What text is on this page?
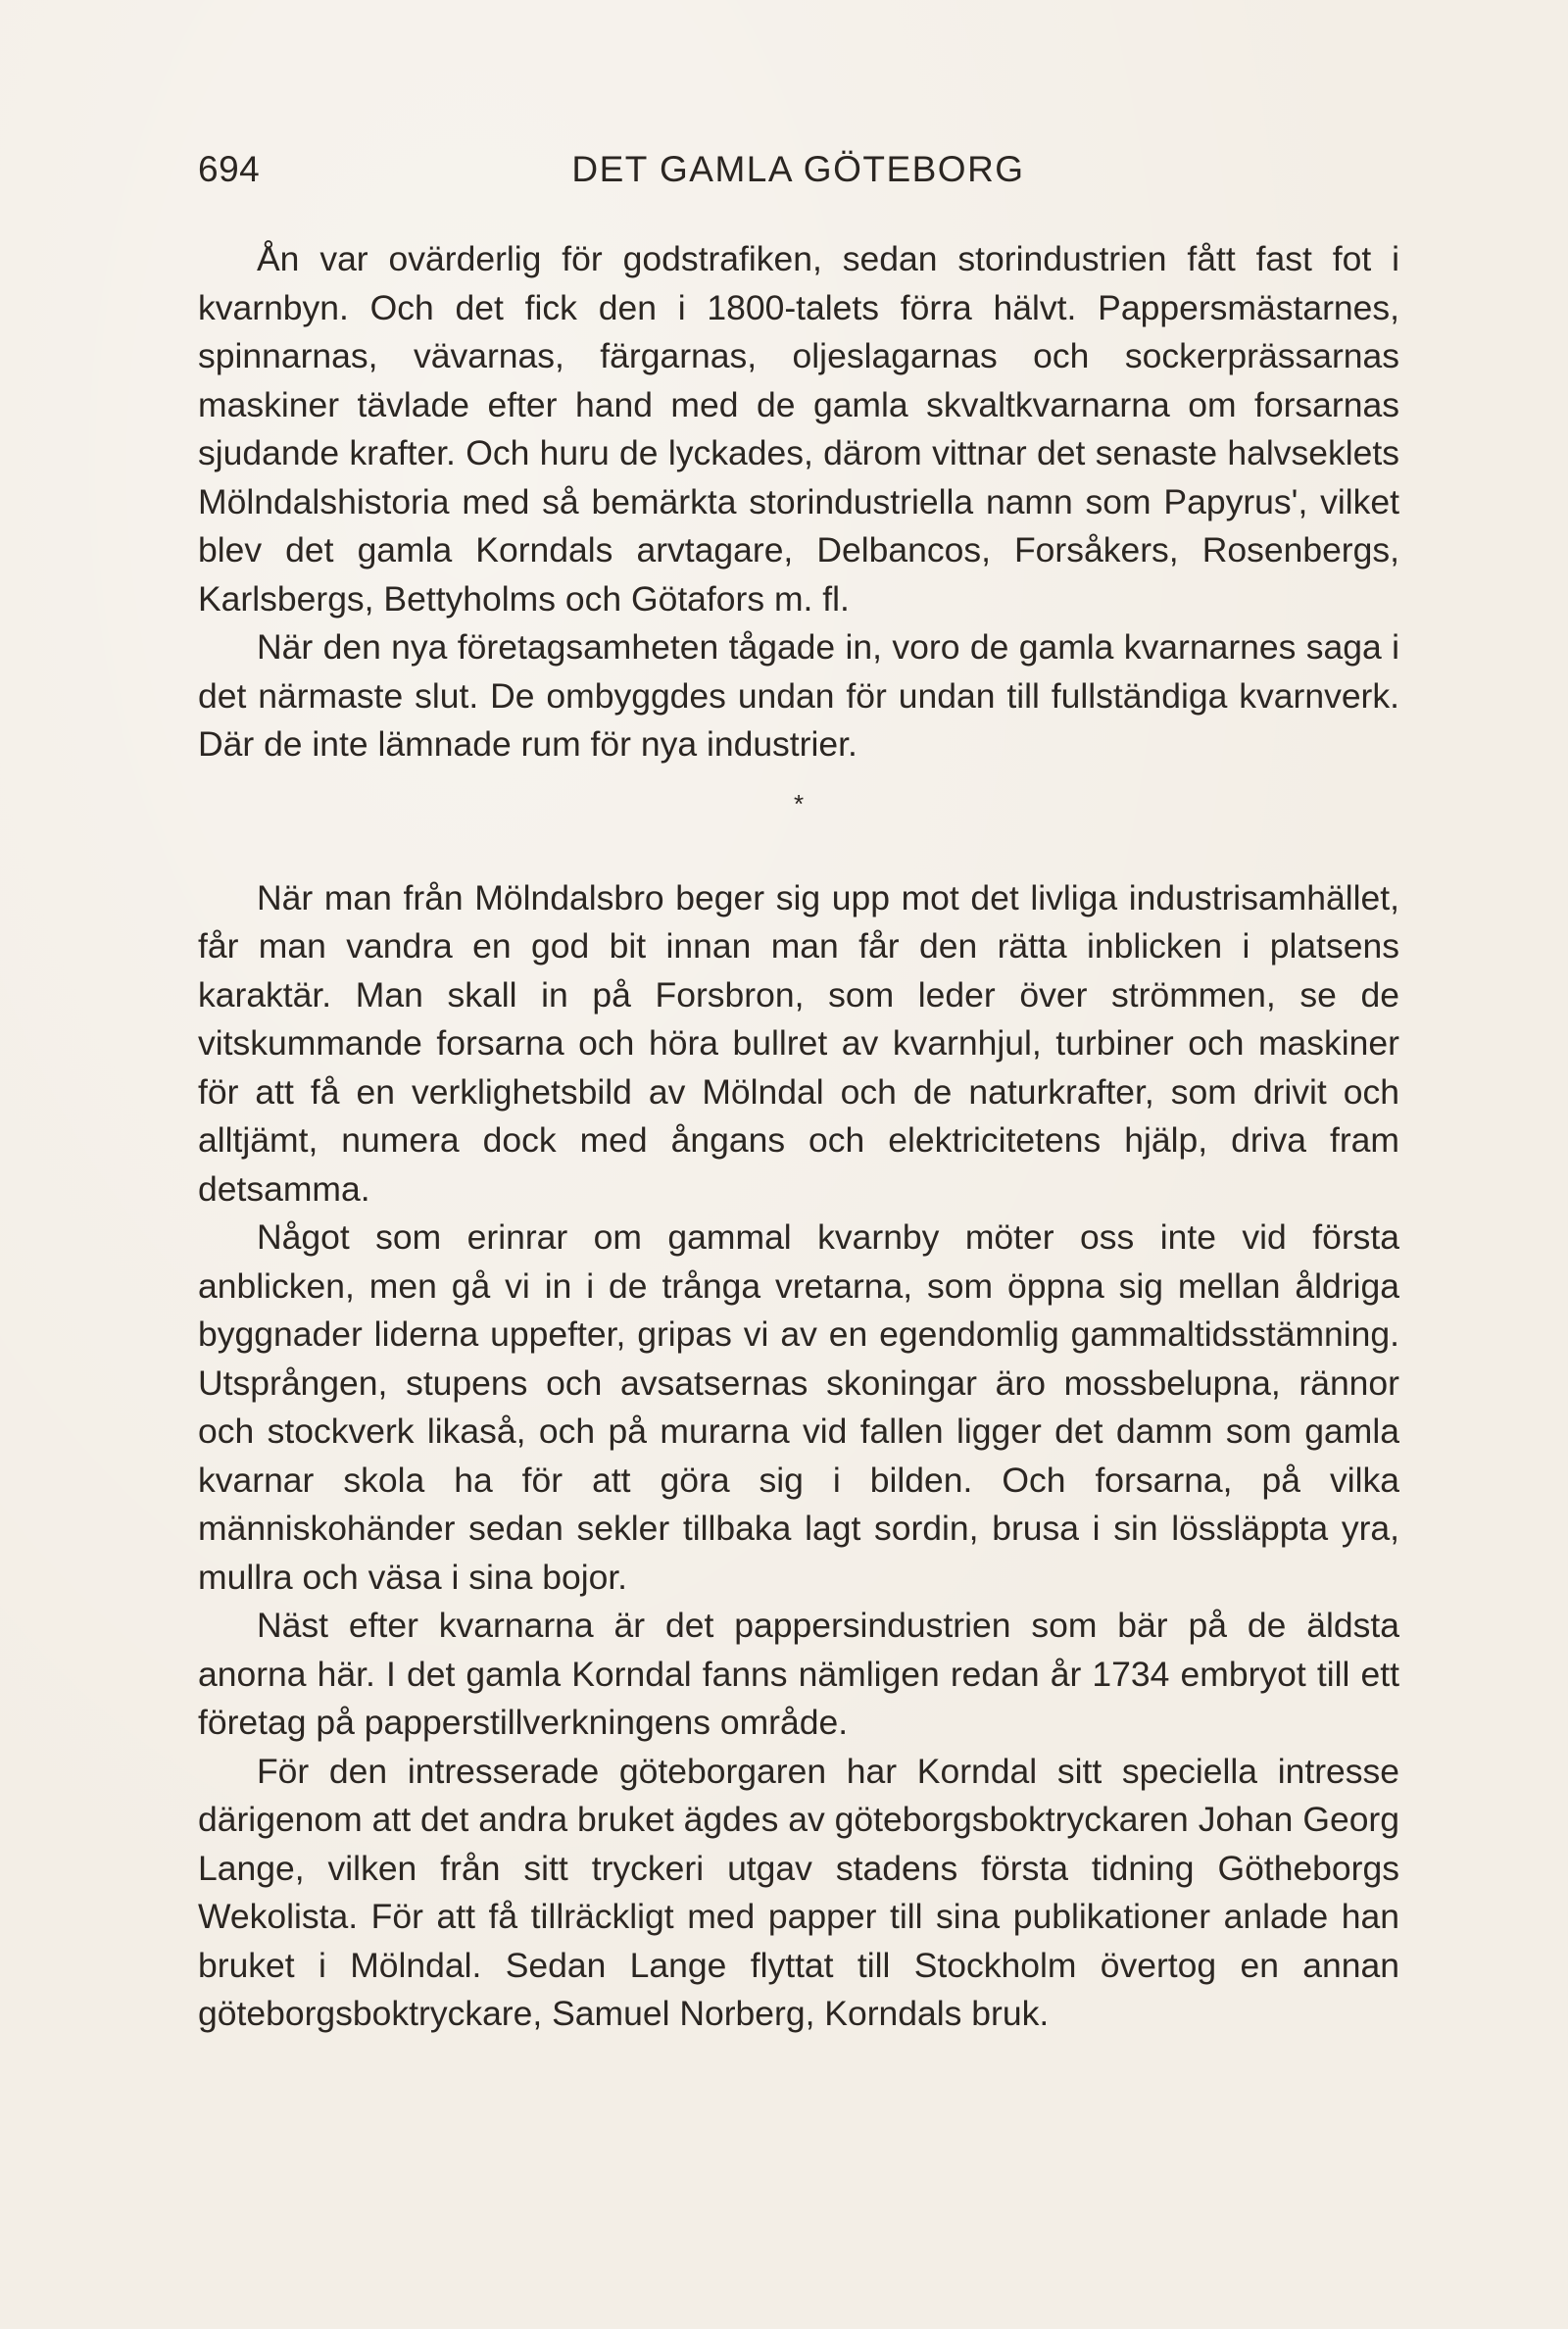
694	DET GAMLA GÖTEBORG

Ån var ovärderlig för godstrafiken, sedan storindustrien fått fast fot i kvarnbyn. Och det fick den i 1800-talets förra hälvt. Pappersmästarnes, spinnarnas, vävarnas, färgarnas, oljeslagarnas och sockerprässarnas maskiner tävlade efter hand med de gamla skvaltkvarnarna om forsarnas sjudande krafter. Och huru de lyckades, därom vittnar det senaste halvseklets Mölndalshistoria med så bemärkta storindustriella namn som Papyrus', vilket blev det gamla Korndals arvtagare, Delbancos, Forsåkers, Rosenbergs, Karlsbergs, Bettyholms och Götafors m. fl.

När den nya företagsamheten tågade in, voro de gamla kvarnarnes saga i det närmaste slut. De ombyggdes undan för undan till fullständiga kvarnverk. Där de inte lämnade rum för nya industrier.

*

När man från Mölndalsbro beger sig upp mot det livliga industrisamhället, får man vandra en god bit innan man får den rätta inblicken i platsens karaktär. Man skall in på Forsbron, som leder över strömmen, se de vitskummande forsarna och höra bullret av kvarnhjul, turbiner och maskiner för att få en verklighetsbild av Mölndal och de naturkrafter, som drivit och alltjämt, numera dock med ångans och elektricitetens hjälp, driva fram detsamma.

Något som erinrar om gammal kvarnby möter oss inte vid första anblicken, men gå vi in i de trånga vretarna, som öppna sig mellan åldriga byggnader liderna uppefter, gripas vi av en egendomlig gammaltidsstämning. Utsprången, stupens och avsatsernas skoningar äro mossbelupna, rännor och stockverk likaså, och på murarna vid fallen ligger det damm som gamla kvarnar skola ha för att göra sig i bilden. Och forsarna, på vilka människohänder sedan sekler tillbaka lagt sordin, brusa i sin lössläppta yra, mullra och väsa i sina bojor.

Näst efter kvarnarna är det pappersindustrien som bär på de äldsta anorna här. I det gamla Korndal fanns nämligen redan år 1734 embryot till ett företag på papperstillverkningens område.

För den intresserade göteborgaren har Korndal sitt speciella intresse därigenom att det andra bruket ägdes av göteborgsboktryckaren Johan Georg Lange, vilken från sitt tryckeri utgav stadens första tidning Götheborgs Wekolista. För att få tillräckligt med papper till sina publikationer anlade han bruket i Mölndal. Sedan Lange flyttat till Stockholm övertog en annan göteborgsboktryckare, Samuel Norberg, Korndals bruk.
